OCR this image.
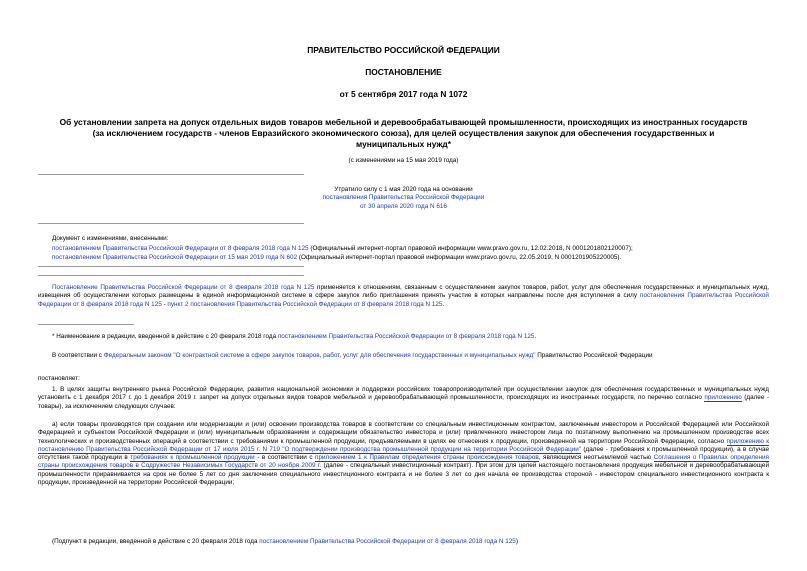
ПРАВИТЕЛЬСТВО РОССИЙСКОЙ ФЕДЕРАЦИИ
ПОСТАНОВЛЕНИЕ
от 5 сентября 2017 года N 1072
Об установлении запрета на допуск отдельных видов товаров мебельной и деревообрабатывающей промышленности, происходящих из иностранных государств
(за исключением государств - членов Евразийского экономического союза), для целей осуществления закупок для обеспечения государственных и
муниципальных нужд*
(с изменениями на 15 мая 2019 года)
Утратило силу с 1 мая 2020 года на основании
постановления Правительства Российской Федерации
от 30 апреля 2020 года N 616
Документ с изменениями, внесенными:
постановлением Правительства Российской Федерации от 8 февраля 2018 года N 125 (Официальный интернет-портал правовой информации www.pravo.gov.ru, 12.02.2018, N 0001201802120007);
постановлением Правительства Российской Федерации от 15 мая 2019 года N 602 (Официальный интернет-портал правовой информации www.pravo.gov.ru, 22.05.2019, N 0001201905220005).
Постановление Правительства Российской Федерации от 8 февраля 2018 года N 125 применяется к отношениям, связанным с осуществлением закупок товаров, работ, услуг для обеспечения государственных и муниципальных нужд, извещения об осуществлении которых размещены в единой информационной системе в сфере закупок либо приглашения принять участие в которых направлены после дня вступления в силу постановления Правительства Российской Федерации от 8 февраля 2018 года N 125 - пункт 2 постановления Правительства Российской Федерации от 8 февраля 2018 года N 125.
* Наименование в редакции, введенной в действие с 20 февраля 2018 года постановлением Правительства Российской Федерации от 8 февраля 2018 года N 125.
В соответствии с Федеральным законом "О контрактной системе в сфере закупок товаров, работ, услуг для обеспечения государственных и муниципальных нужд" Правительство Российской Федерации
постановляет:
1. В целях защиты внутреннего рынка Российской Федерации, развития национальной экономики и поддержки российских товаропроизводителей при осуществлении закупок для обеспечения государственных и муниципальных нужд установить с 1 декабря 2017 г. до 1 декабря 2019 г. запрет на допуск отдельных видов товаров мебельной и деревообрабатывающей промышленности, происходящих из иностранных государств, по перечню согласно приложению (далее - товары), за исключением следующих случаев:
а) если товары производятся при создании или модернизации и (или) освоении производства товаров в соответствии со специальным инвестиционным контрактом, заключенным инвестором и Российской Федерацией или Российской Федерацией и субъектом Российской Федерации и (или) муниципальным образованием и содержащим обязательство инвестора и (или) привлеченного инвестором лица по поэтапному выполнению на промышленном производстве всех технологических и производственных операций в соответствии с требованиями к промышленной продукции, предъявляемыми в целях ее отнесения к продукции, произведенной на территории Российской Федерации, согласно приложению к постановлению Правительства Российской Федерации от 17 июля 2015 г. N 719 "О подтверждении производства промышленной продукции на территории Российской Федерации" (далее - требования к промышленной продукции), а в случае отсутствия такой продукции в требованиях к промышленной продукции - в соответствии с приложением 1 к Правилам определения страны происхождения товаров, являющимся неотъемлемой частью Соглашения о Правилах определения страны происхождения товаров в Содружестве Независимых Государств от 20 ноября 2009 г. (далее - специальный инвестиционный контракт). При этом для целей настоящего постановления продукция мебельной и деревообрабатывающей промышленности приравнивается на срок не более 5 лет со дня заключения специального инвестиционного контракта и не более 3 лет со дня начала ее производства стороной - инвестором специального инвестиционного контракта к продукции, произведенной на территории Российской Федерации;
(Подпункт в редакции, введенной в действие с 20 февраля 2018 года постановлением Правительства Российской Федерации от 8 февраля 2018 года N 125)
